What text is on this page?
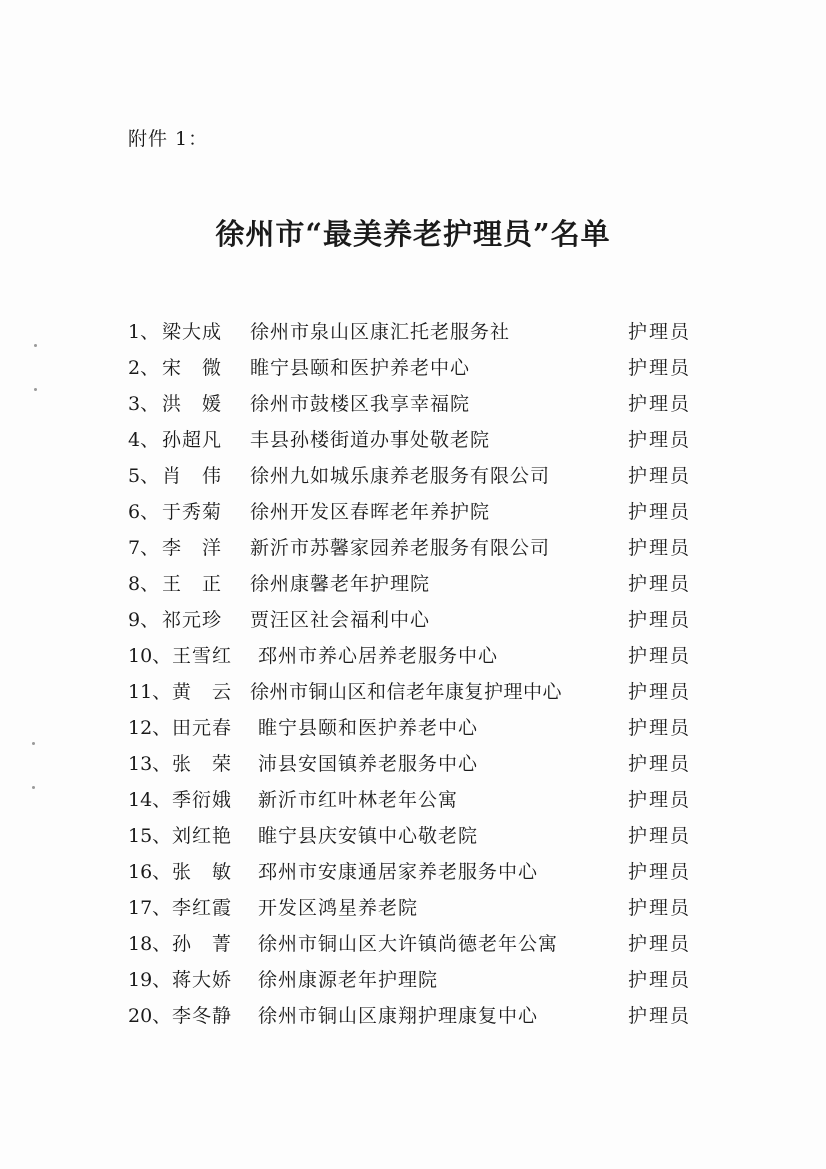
附件 1：
徐州市“最美养老护理员”名单
1、 梁大成 徐州市泉山区康汇托老服务社	护理员
2、 宋　微 睢宁县颐和医护养老中心	护理员
3、 洪　媛 徐州市鼓楼区我享幸福院	护理员
4、 孙超凡 丰县孙楼街道办事处敬老院	护理员
5、 肖　伟 徐州九如城乐康养老服务有限公司	护理员
6、 于秀菊 徐州开发区春晖老年养护院	护理员
7、 李　洋 新沂市苏馨家园养老服务有限公司	护理员
8、 王　正 徐州康馨老年护理院	护理员
9、 祁元珍 贾汪区社会福利中心	护理员
10、 王雪红 邳州市养心居养老服务中心	护理员
11、 黄　云 徐州市铜山区和信老年康复护理中心	护理员
12、 田元春 睢宁县颐和医护养老中心	护理员
13、 张　荣 沛县安国镇养老服务中心	护理员
14、 季衍娥 新沂市红叶林老年公寓	护理员
15、 刘红艳 睢宁县庆安镇中心敬老院	护理员
16、 张　敏 邳州市安康通居家养老服务中心	护理员
17、 李红霞 开发区鸿星养老院	护理员
18、 孙　菁 徐州市铜山区大许镇尚德老年公寓	护理员
19、 蒋大娇 徐州康源老年护理院	护理员
20、 李冬静 徐州市铜山区康翔护理康复中心	护理员
